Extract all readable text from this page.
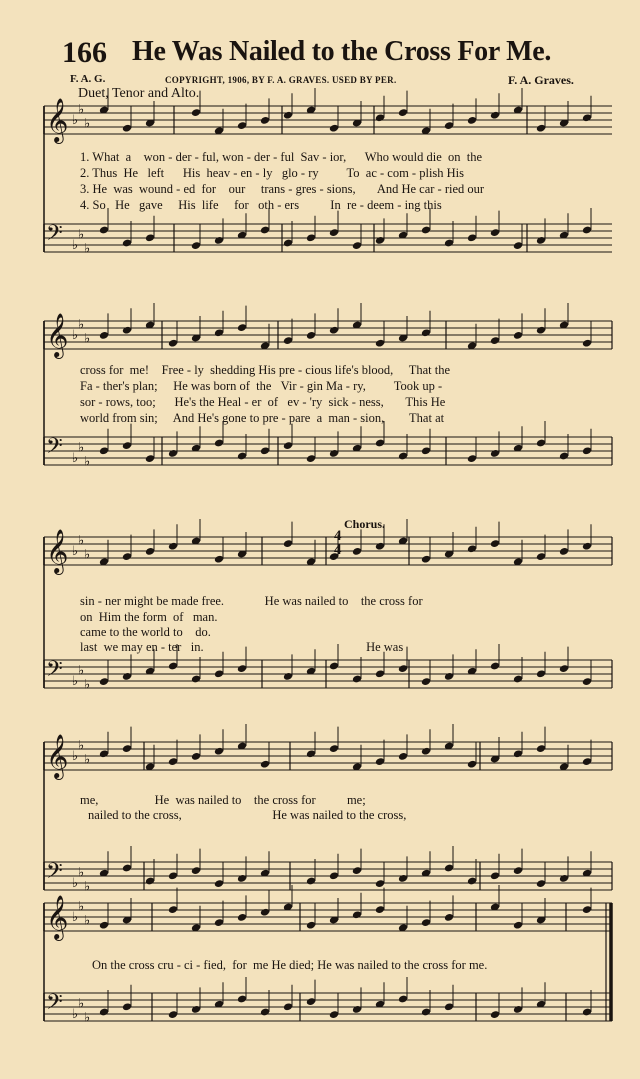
166 He Was Nailed to the Cross For Me.
F. A. G.	COPYRIGHT, 1906, BY F. A. GRAVES. USED BY PER.	F. A. Graves.
Duet, Tenor and Alto.
Chorus.
𝄞 ♭
♭
♭
𝄢 ♭
♭
♭
𝄞 ♭
♭
♭
𝄢 ♭
♭
♭
𝄞 ♭
♭
♭
𝄢 ♭
♭
♭
𝄞 ♭
♭
♭
𝄢 ♭
♭
♭
𝄞 ♭
♭
♭
𝄢 ♭
♭
♭
4
4
1. What  a    won - der - ful, won - der - ful  Sav - ior,      Who would die  on  the
2. Thus  He   left      His  heav - en - ly   glo - ry         To  ac - com - plish His
3. He  was  wound - ed  for    our     trans - gres - sions,       And He car - ried our
4. So   He   gave     His  life     for   oth - ers          In  re - deem - ing this
cross for  me!    Free - ly  shedding His pre - cious life's blood,     That the
Fa - ther's plan;     He was born of  the   Vir - gin Ma - ry,         Took up -
sor - rows, too;      He's the Heal - er  of   ev - 'ry  sick - ness,       This He
world from sin;     And He's gone to pre - pare  a  man - sion,        That at
sin - ner might be made free.             He was nailed to    the cross for
on  Him the form  of   man.
came to the world to    do.
last  we may en - ter   in.                                                    He was
me,                  He  was nailed to    the cross for          me;
nailed to the cross,                             He was nailed to the cross,
On the cross cru - ci - fied,  for  me He died; He was nailed to the cross for me.
